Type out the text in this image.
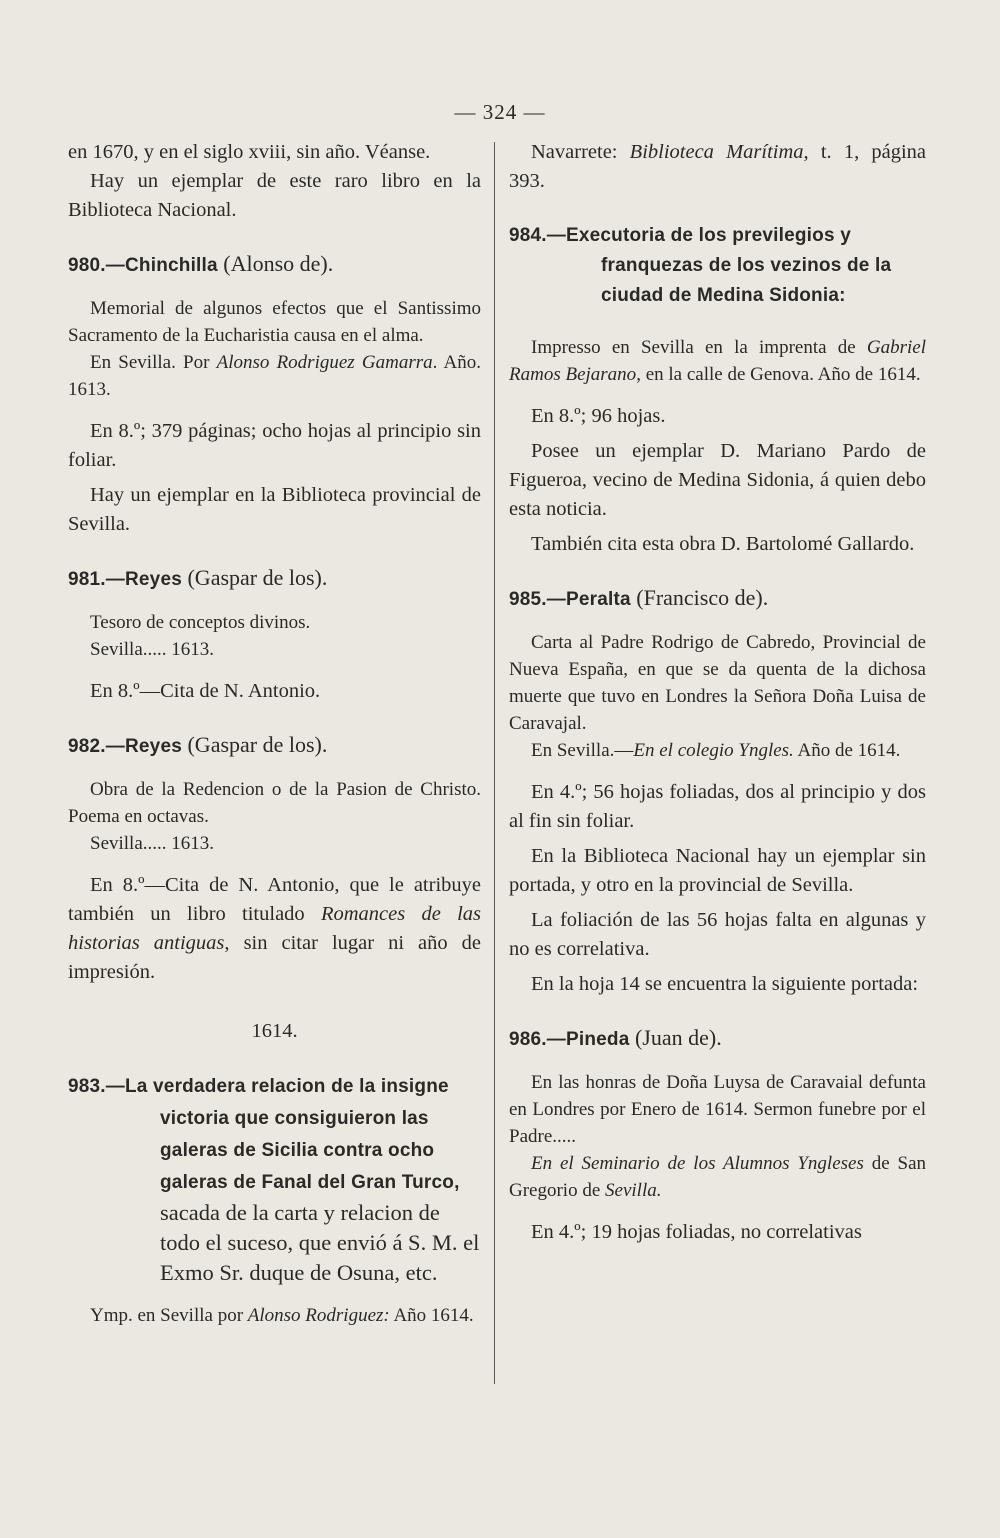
— 324 —

en 1670, y en el siglo xviii, sin año. Véanse.

Hay un ejemplar de este raro libro en la Biblioteca Nacional.

980.—Chinchilla (Alonso de).

Memorial de algunos efectos que el Santissimo Sacramento de la Eucharistia causa en el alma.

En Sevilla. Por Alonso Rodriguez Gamarra. Año. 1613.

En 8.º; 379 páginas; ocho hojas al principio sin foliar.

Hay un ejemplar en la Biblioteca provincial de Sevilla.

981.—Reyes (Gaspar de los).

Tesoro de conceptos divinos.

Sevilla..... 1613.

En 8.º—Cita de N. Antonio.

982.—Reyes (Gaspar de los).

Obra de la Redencion o de la Pasion de Christo. Poema en octavas.

Sevilla..... 1613.

En 8.º—Cita de N. Antonio, que le atribuye también un libro titulado Romances de las historias antiguas, sin citar lugar ni año de impresión.

1614.

983.—La verdadera relacion de la insigne victoria que consiguieron las galeras de Sicilia contra ocho galeras de Fanal del Gran Turco, sacada de la carta y relacion de todo el suceso, que envió á S. M. el Exmo Sr. duque de Osuna, etc.

Ymp. en Sevilla por Alonso Rodriguez: Año 1614.

Navarrete: Biblioteca Marítima, t. 1, página 393.

984.—Executoria de los previlegios y franquezas de los vezinos de la ciudad de Medina Sidonia:

Impresso en Sevilla en la imprenta de Gabriel Ramos Bejarano, en la calle de Genova. Año de 1614.

En 8.º; 96 hojas.

Posee un ejemplar D. Mariano Pardo de Figueroa, vecino de Medina Sidonia, á quien debo esta noticia.

También cita esta obra D. Bartolomé Gallardo.

985.—Peralta (Francisco de).

Carta al Padre Rodrigo de Cabredo, Provincial de Nueva España, en que se da quenta de la dichosa muerte que tuvo en Londres la Señora Doña Luisa de Caravajal.

En Sevilla.—En el colegio Yngles. Año de 1614.

En 4.º; 56 hojas foliadas, dos al principio y dos al fin sin foliar.

En la Biblioteca Nacional hay un ejemplar sin portada, y otro en la provincial de Sevilla.

La foliación de las 56 hojas falta en algunas y no es correlativa.

En la hoja 14 se encuentra la siguiente portada:

986.—Pineda (Juan de).

En las honras de Doña Luysa de Caravaial defunta en Londres por Enero de 1614. Sermon funebre por el Padre.....

En el Seminario de los Alumnos Yngleses de San Gregorio de Sevilla.

En 4.º; 19 hojas foliadas, no correlativas
